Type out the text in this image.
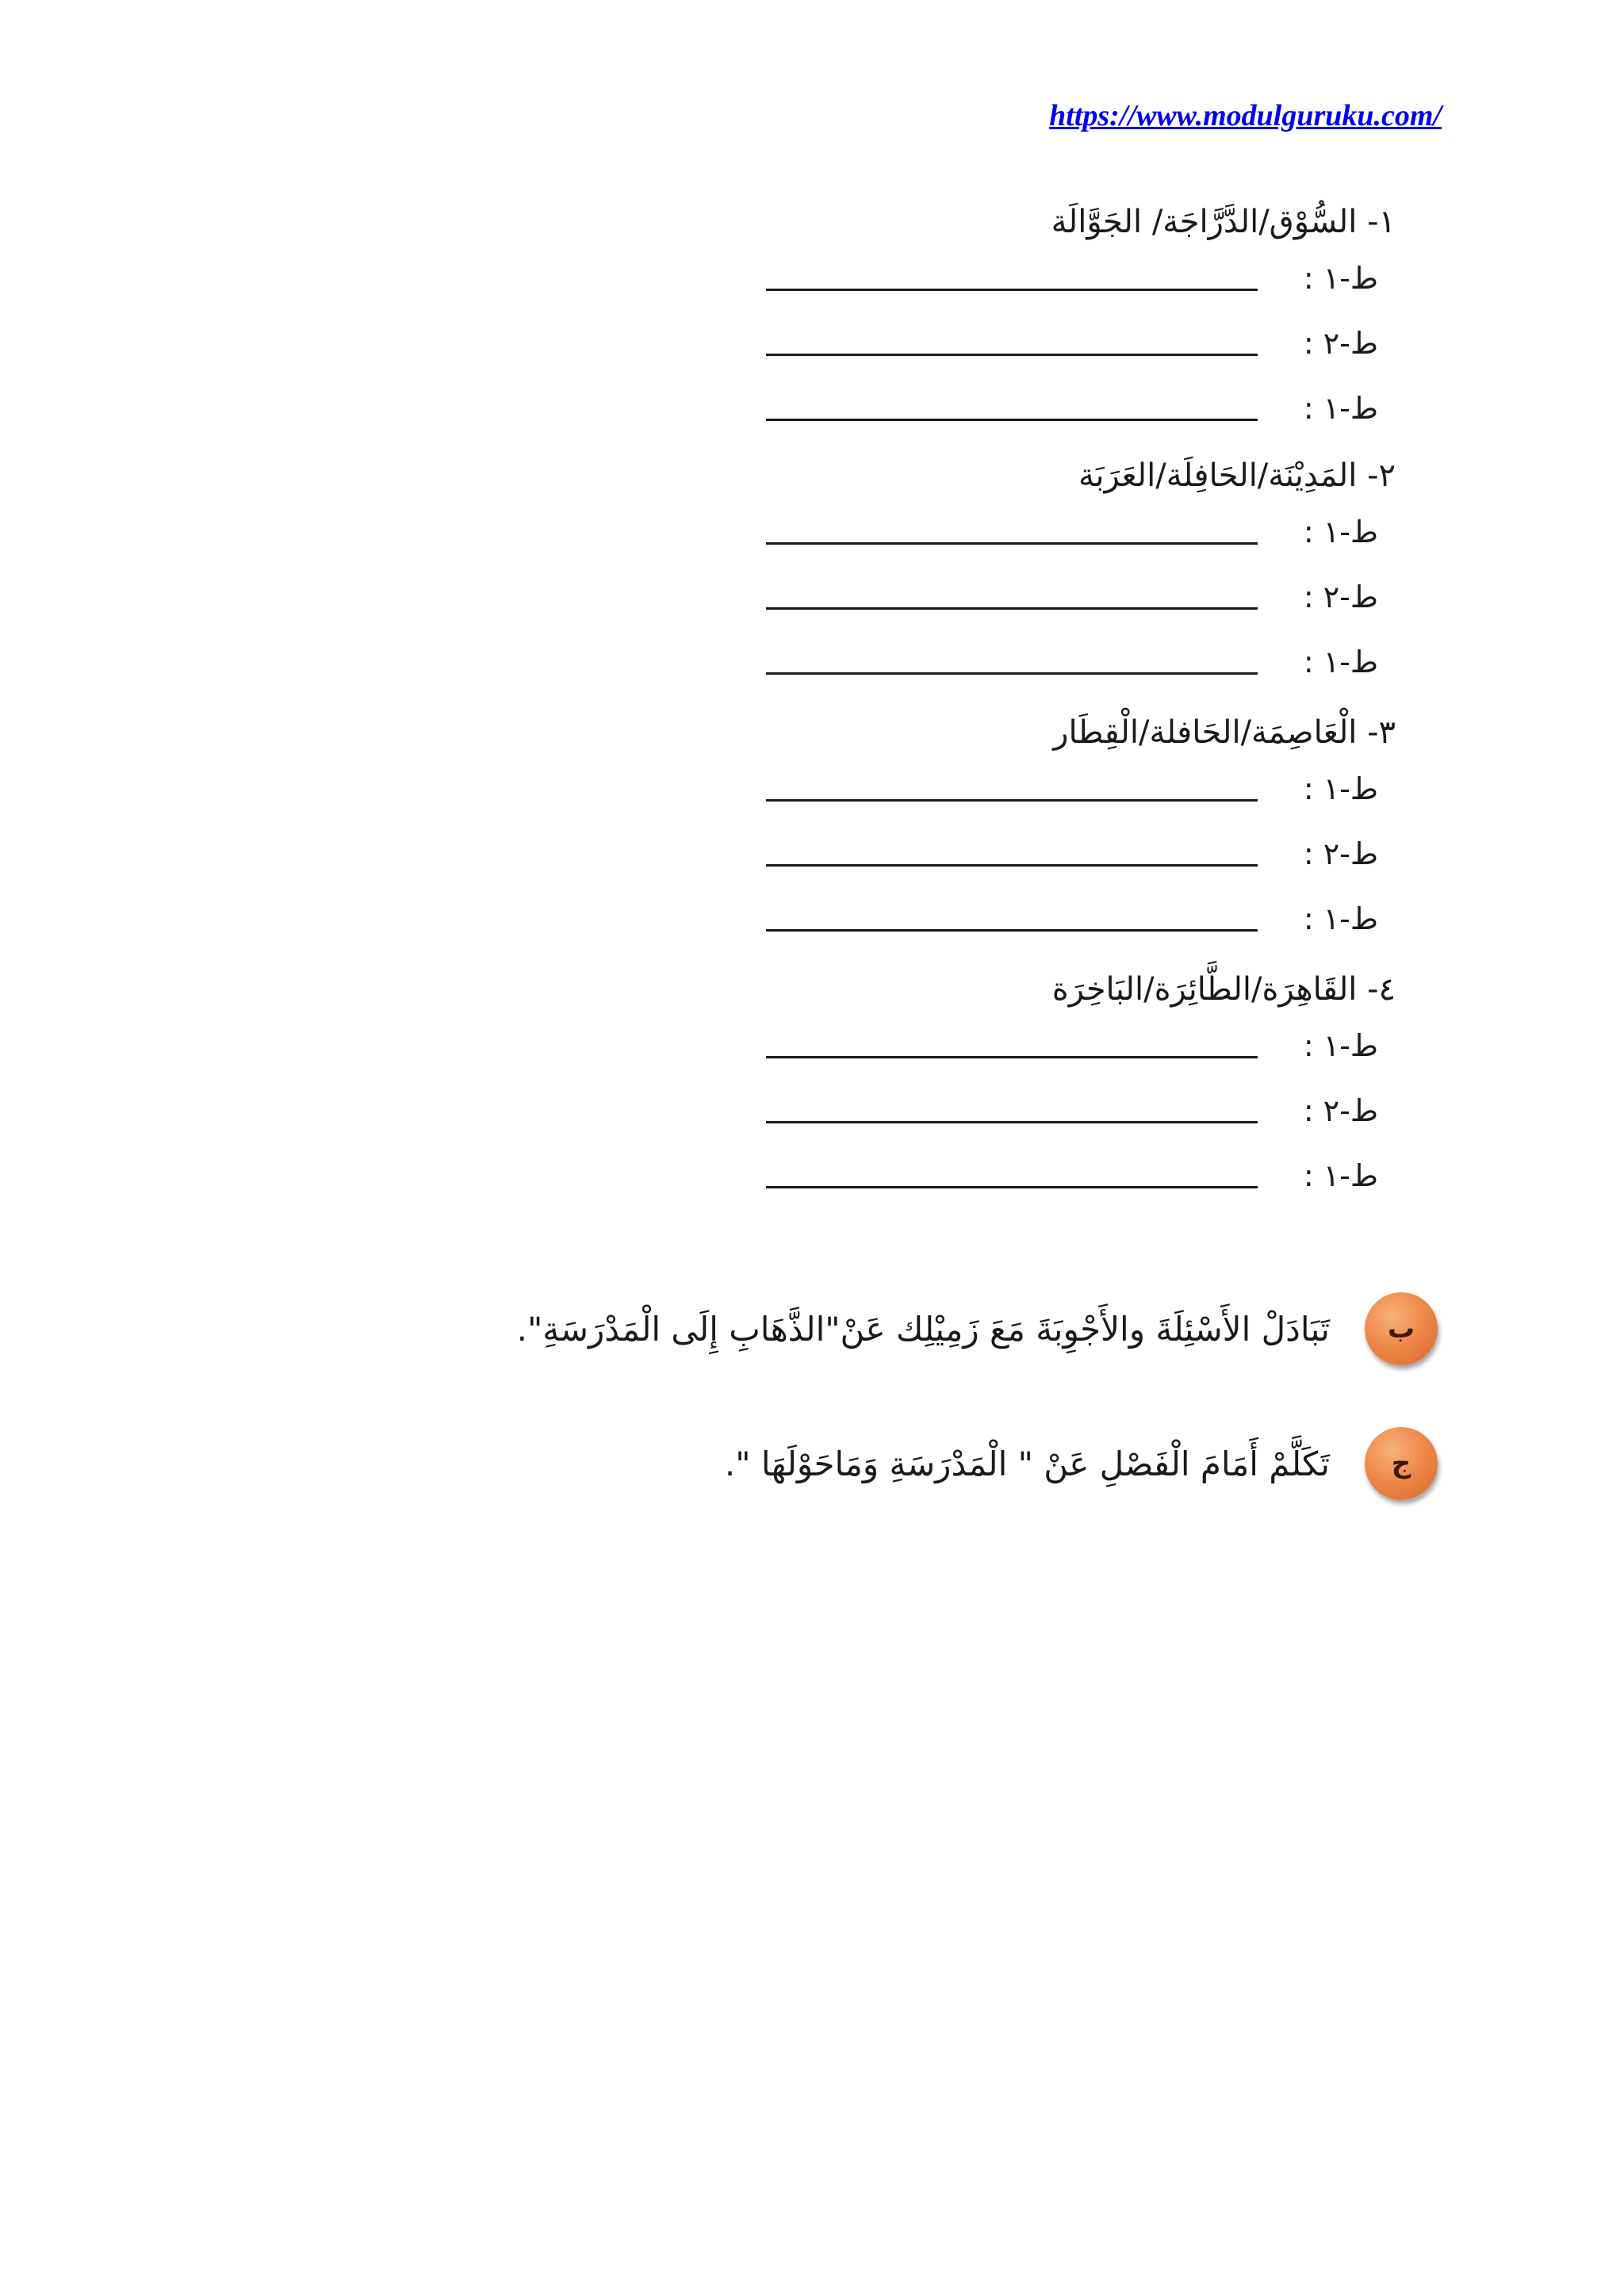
https://www.modulguruku.com/
١- السُّوْق/الدَّرَّاجَة/ الجَوَّالَة
ط-١ :
ط-٢ :
ط-١ :
٢- المَدِيْنَة/الحَافِلَة/العَرَبَة
ط-١ :
ط-٢ :
ط-١ :
٣- الْعَاصِمَة/الحَافلة/الْقِطَار
ط-١ :
ط-٢ :
ط-١ :
٤- القَاهِرَة/الطَّائِرَة/البَاخِرَة
ط-١ :
ط-٢ :
ط-١ :
ب
تَبَادَلْ الأَسْئِلَةَ والأَجْوِبَةَ مَعَ زَمِيْلِك عَنْ"الذَّهَابِ إِلَى الْمَدْرَسَةِ".
ج
تَكَلَّمْ أَمَامَ الْفَصْلِ عَنْ " الْمَدْرَسَةِ وَمَاحَوْلَهَا ".
